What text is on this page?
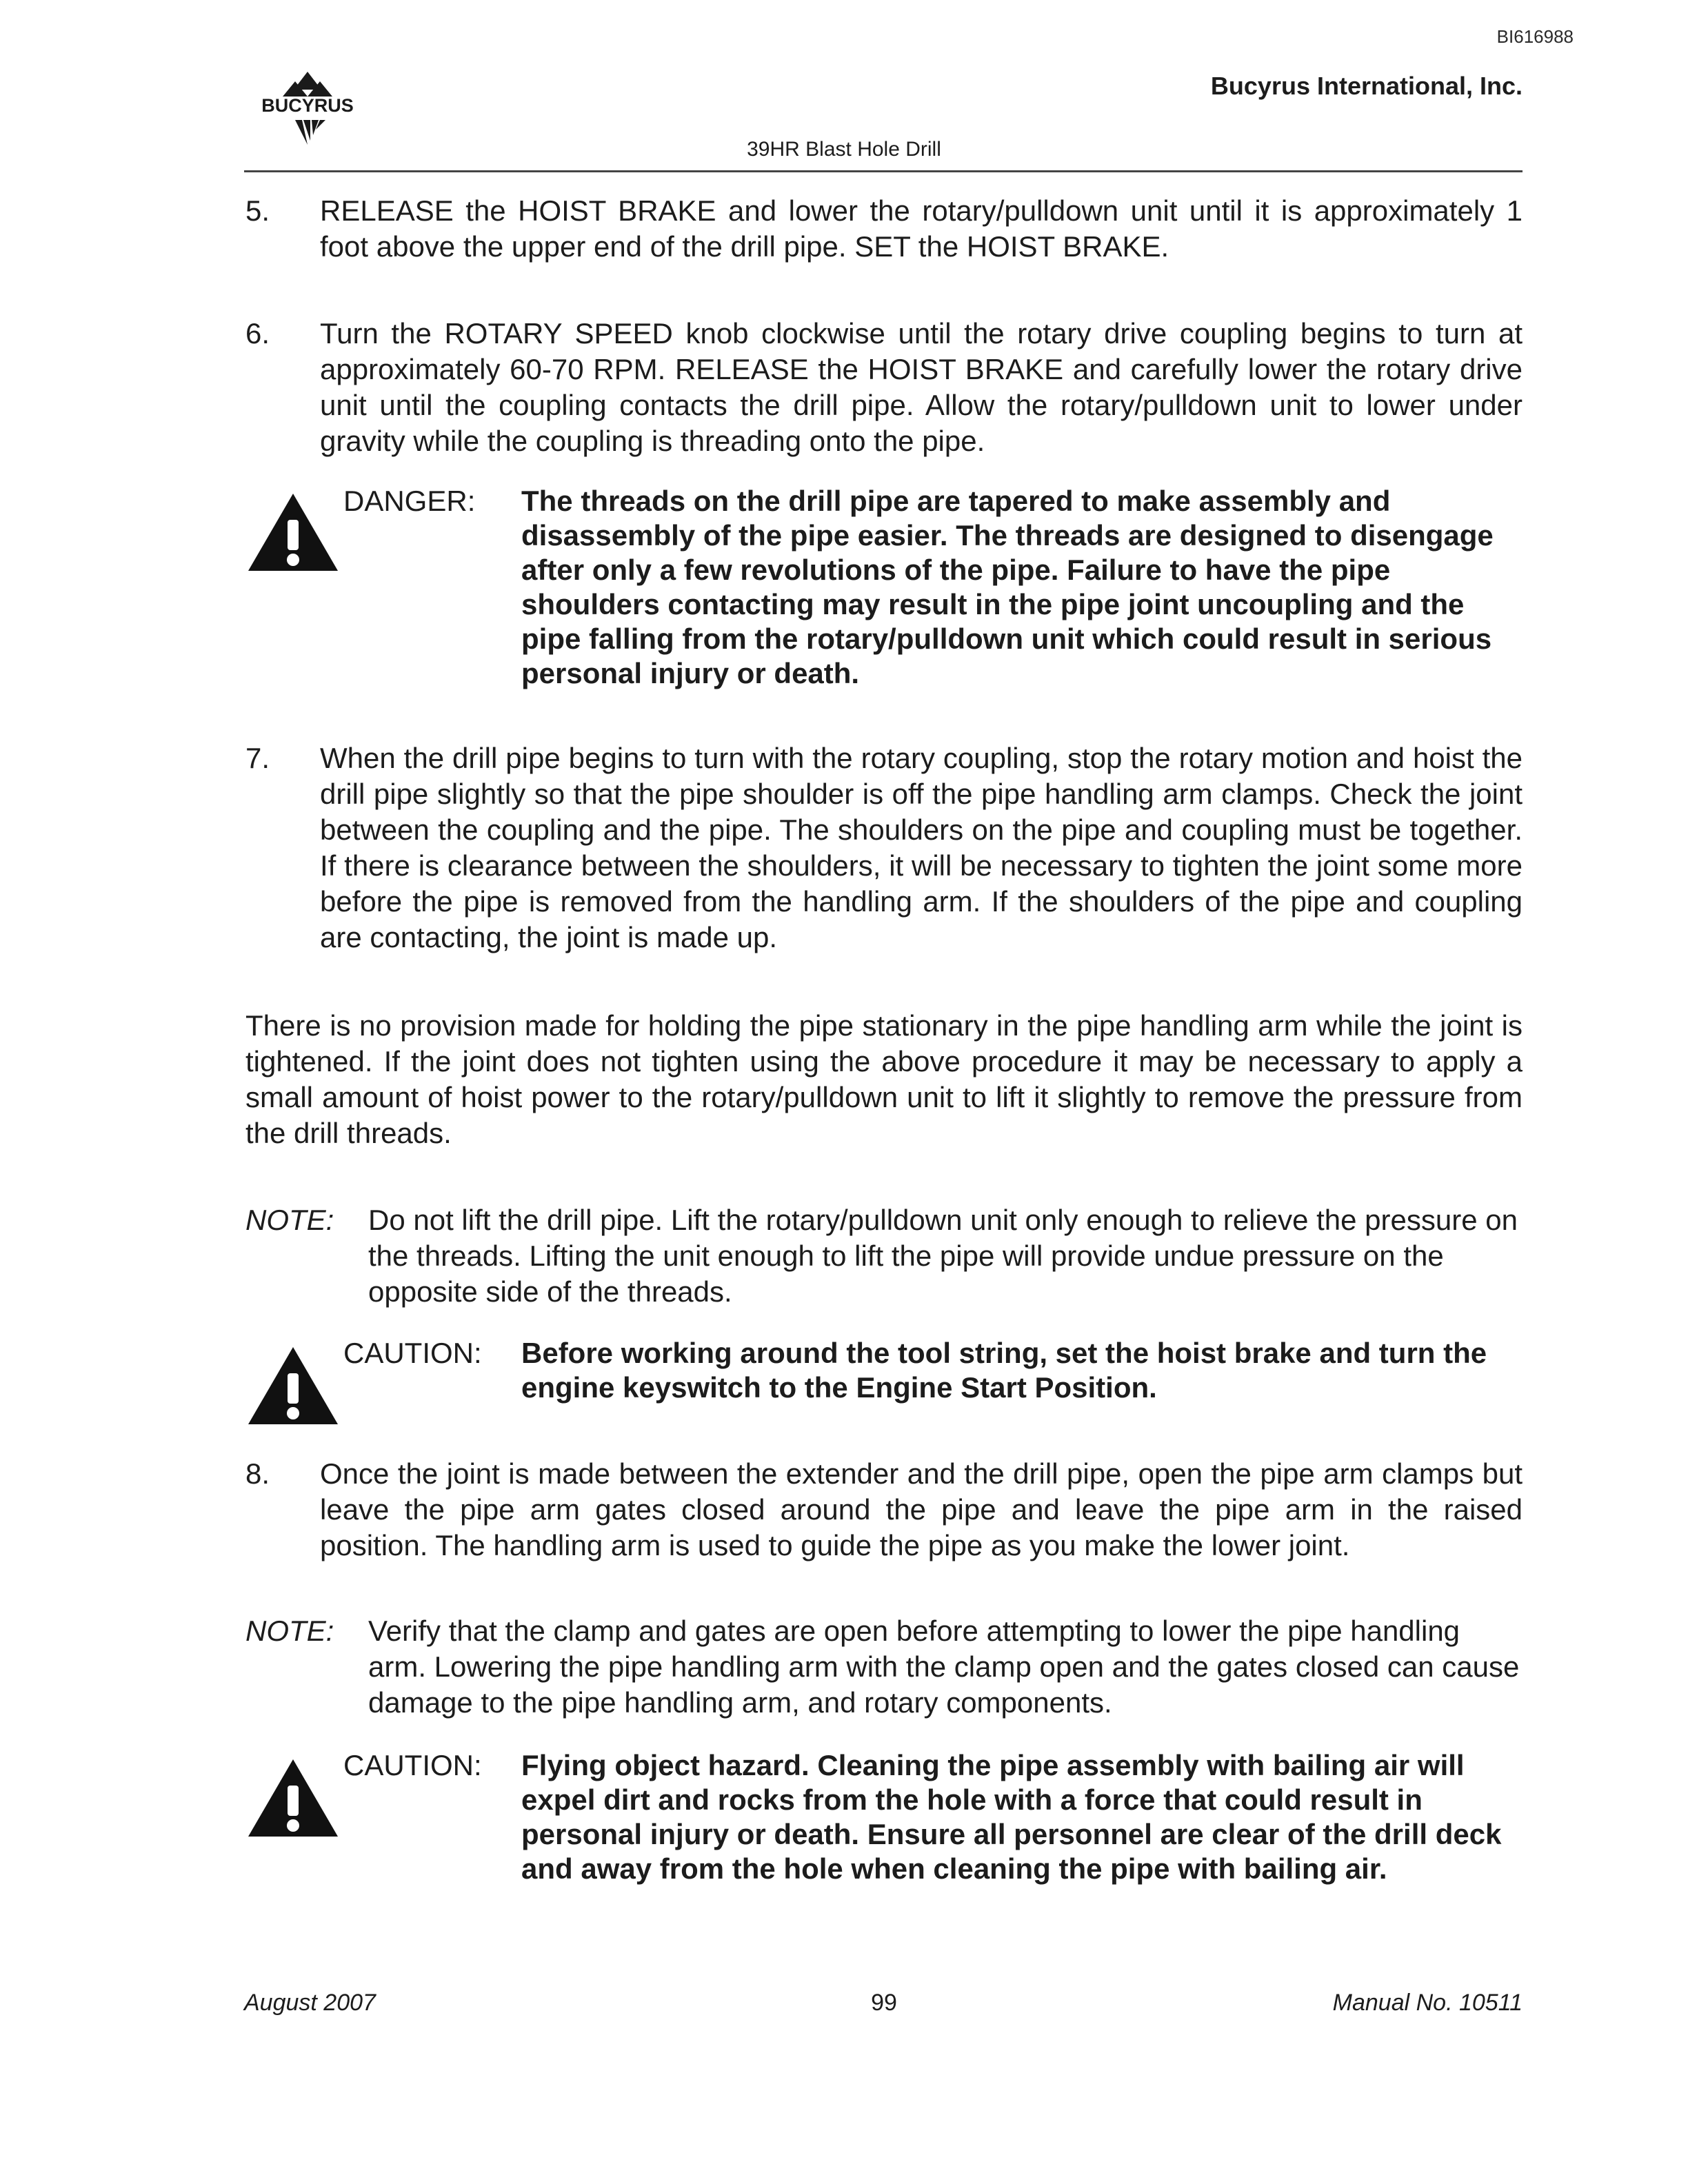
BI616988
BUCYRUS
Bucyrus International, Inc.
39HR Blast Hole Drill
5. RELEASE the HOIST BRAKE and lower the rotary/pulldown unit until it is approximately 1 foot above the upper end of the drill pipe. SET the HOIST BRAKE.
6. Turn the ROTARY SPEED knob clockwise until the rotary drive coupling begins to turn at approximately 60-70 RPM. RELEASE the HOIST BRAKE and carefully lower the rotary drive unit until the coupling contacts the drill pipe. Allow the rotary/pulldown unit to lower under gravity while the coupling is threading onto the pipe.
DANGER: The threads on the drill pipe are tapered to make assembly and disassembly of the pipe easier. The threads are designed to disengage after only a few revolutions of the pipe. Failure to have the pipe shoulders contacting may result in the pipe joint uncoupling and the pipe falling from the rotary/pulldown unit which could result in serious personal injury or death.
7. When the drill pipe begins to turn with the rotary coupling, stop the rotary motion and hoist the drill pipe slightly so that the pipe shoulder is off the pipe handling arm clamps. Check the joint between the coupling and the pipe. The shoulders on the pipe and coupling must be together. If there is clearance between the shoulders, it will be necessary to tighten the joint some more before the pipe is removed from the handling arm. If the shoulders of the pipe and coupling are contacting, the joint is made up.
There is no provision made for holding the pipe stationary in the pipe handling arm while the joint is tightened. If the joint does not tighten using the above procedure it may be necessary to apply a small amount of hoist power to the rotary/pulldown unit to lift it slightly to remove the pressure from the drill threads.
NOTE: Do not lift the drill pipe. Lift the rotary/pulldown unit only enough to relieve the pressure on the threads. Lifting the unit enough to lift the pipe will provide undue pressure on the opposite side of the threads.
CAUTION: Before working around the tool string, set the hoist brake and turn the engine keyswitch to the Engine Start Position.
8. Once the joint is made between the extender and the drill pipe, open the pipe arm clamps but leave the pipe arm gates closed around the pipe and leave the pipe arm in the raised position. The handling arm is used to guide the pipe as you make the lower joint.
NOTE: Verify that the clamp and gates are open before attempting to lower the pipe handling arm. Lowering the pipe handling arm with the clamp open and the gates closed can cause damage to the pipe handling arm, and rotary components.
CAUTION: Flying object hazard. Cleaning the pipe assembly with bailing air will expel dirt and rocks from the hole with a force that could result in personal injury or death. Ensure all personnel are clear of the drill deck and away from the hole when cleaning the pipe with bailing air.
August 2007	99	Manual No. 10511
